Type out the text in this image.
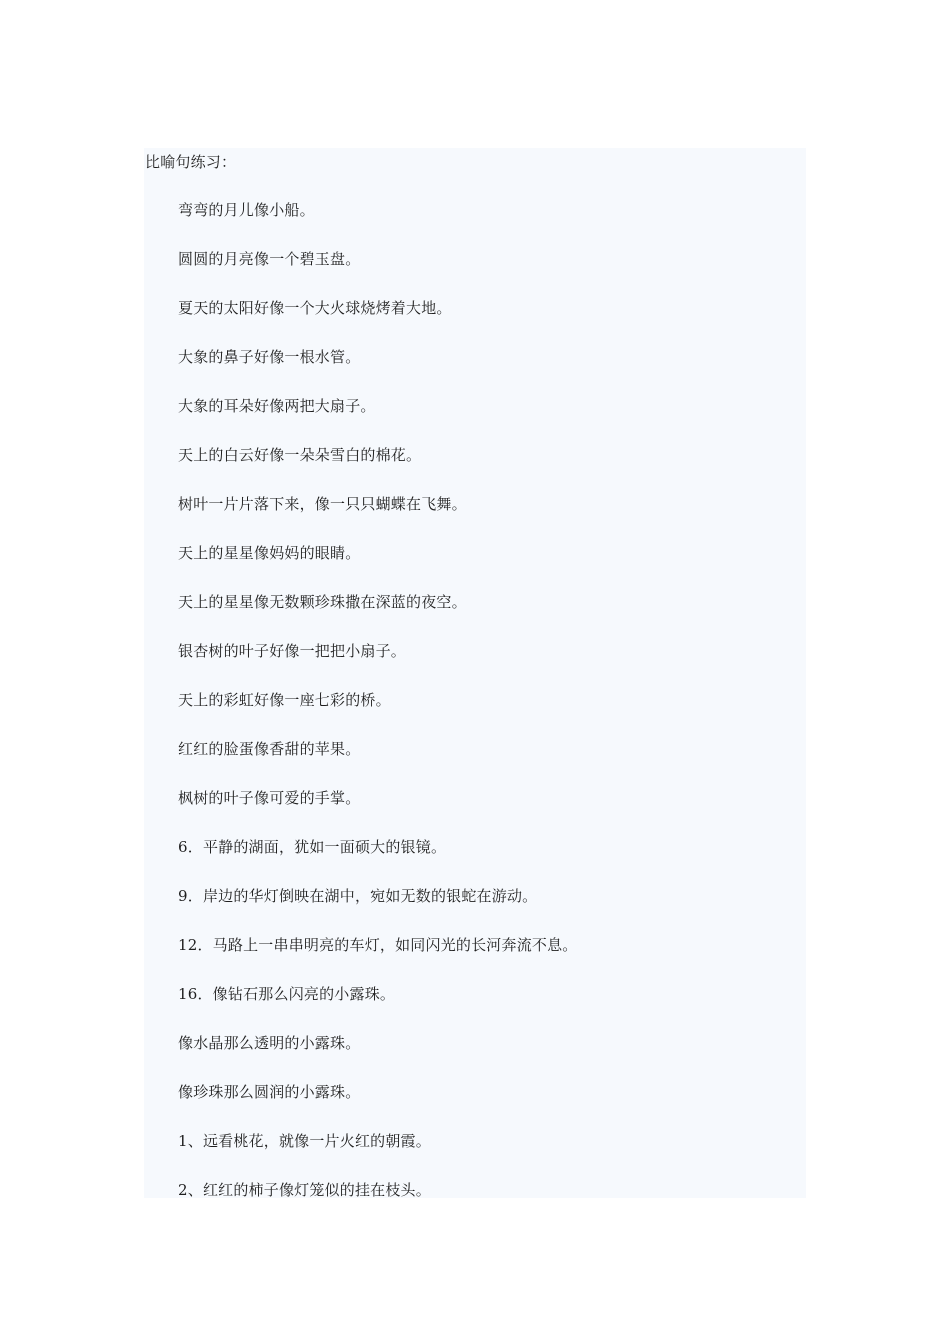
比喻句练习：
弯弯的月儿像小船。
圆圆的月亮像一个碧玉盘。
夏天的太阳好像一个大火球烧烤着大地。
大象的鼻子好像一根水管。
大象的耳朵好像两把大扇子。
天上的白云好像一朵朵雪白的棉花。
树叶一片片落下来，像一只只蝴蝶在飞舞。
天上的星星像妈妈的眼睛。
天上的星星像无数颗珍珠撒在深蓝的夜空。
银杏树的叶子好像一把把小扇子。
天上的彩虹好像一座七彩的桥。
红红的脸蛋像香甜的苹果。
枫树的叶子像可爱的手掌。
6．平静的湖面，犹如一面硕大的银镜。
9．岸边的华灯倒映在湖中，宛如无数的银蛇在游动。
12．马路上一串串明亮的车灯，如同闪光的长河奔流不息。
16．像钻石那么闪亮的小露珠。
像水晶那么透明的小露珠。
像珍珠那么圆润的小露珠。
1、远看桃花，就像一片火红的朝霞。
2、红红的柿子像灯笼似的挂在枝头。
